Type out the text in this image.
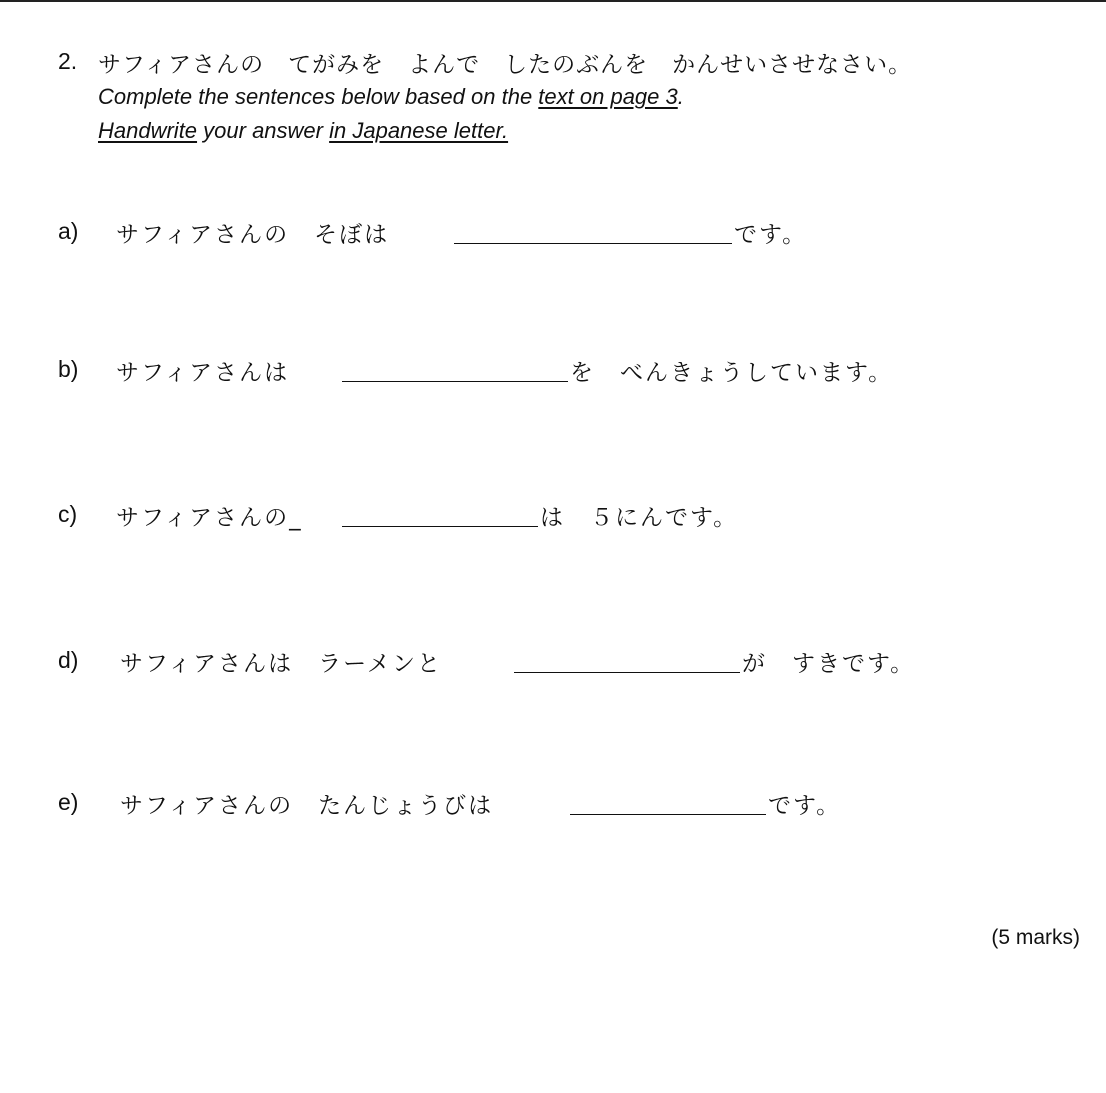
2. サフィアさんの　てがみを　よんで　したのぶんを　かんせいさせなさい。
Complete the sentences below based on the text on page 3.
Handwrite your answer in Japanese letter.
a) サフィアさんの　そぼは	です。
b) サフィアさんは	を　べんきょうしています。
c) サフィアさんの_	は　５にんです。
d) サフィアさんは　ラーメンと	が　すきです。
e) サフィアさんの　たんじょうびは	です。
(5 marks)
